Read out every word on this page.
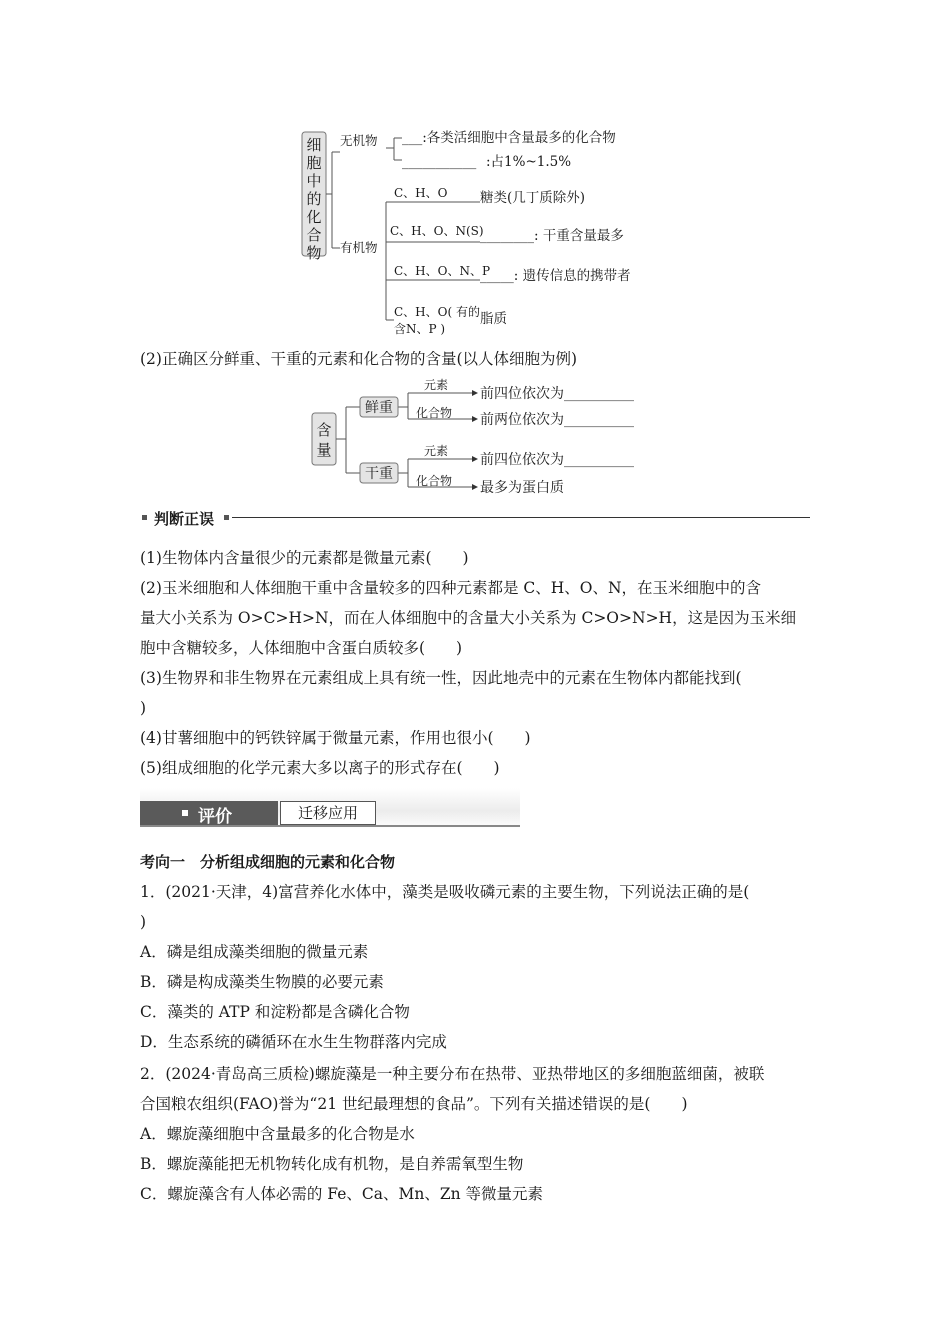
细
胞
中
的
化
合
物
无机物
有机物
___:各类活细胞中含量最多的化合物
___________ :占1%~1.5%
C、H、O 糖类(几丁质除外)
C、H、O、N(S)
________: 干重含量最多
C、H、O、N、P
_____: 遗传信息的携带者
C、H、O( 有的
含N、P )
脂质
(2)正确区分鲜重、干重的元素和化合物的含量(以人体细胞为例)
含
量
鲜重
干重
元素
化合物
元素
化合物
前四位依次为__________
前两位依次为__________
前四位依次为__________
最多为蛋白质
判断正误
(1)生物体内含量很少的元素都是微量元素(　　)
(2)玉米细胞和人体细胞干重中含量较多的四种元素都是 C、H、O、N，在玉米细胞中的含
量大小关系为 O>C>H>N，而在人体细胞中的含量大小关系为 C>O>N>H，这是因为玉米细
胞中含糖较多，人体细胞中含蛋白质较多(　　)
(3)生物界和非生物界在元素组成上具有统一性，因此地壳中的元素在生物体内都能找到(
)
(4)甘薯细胞中的钙铁锌属于微量元素，作用也很小(　　)
(5)组成细胞的化学元素大多以离子的形式存在(　　)
评价	迁移应用
考向一　分析组成细胞的元素和化合物
1．(2021·天津，4)富营养化水体中，藻类是吸收磷元素的主要生物，下列说法正确的是(
)
A．磷是组成藻类细胞的微量元素
B．磷是构成藻类生物膜的必要元素
C．藻类的 ATP 和淀粉都是含磷化合物
D．生态系统的磷循环在水生生物群落内完成
2．(2024·青岛高三质检)螺旋藻是一种主要分布在热带、亚热带地区的多细胞蓝细菌，被联
合国粮农组织(FAO)誉为“21 世纪最理想的食品”。下列有关描述错误的是(　　)
A．螺旋藻细胞中含量最多的化合物是水
B．螺旋藻能把无机物转化成有机物，是自养需氧型生物
C．螺旋藻含有人体必需的 Fe、Ca、Mn、Zn 等微量元素
